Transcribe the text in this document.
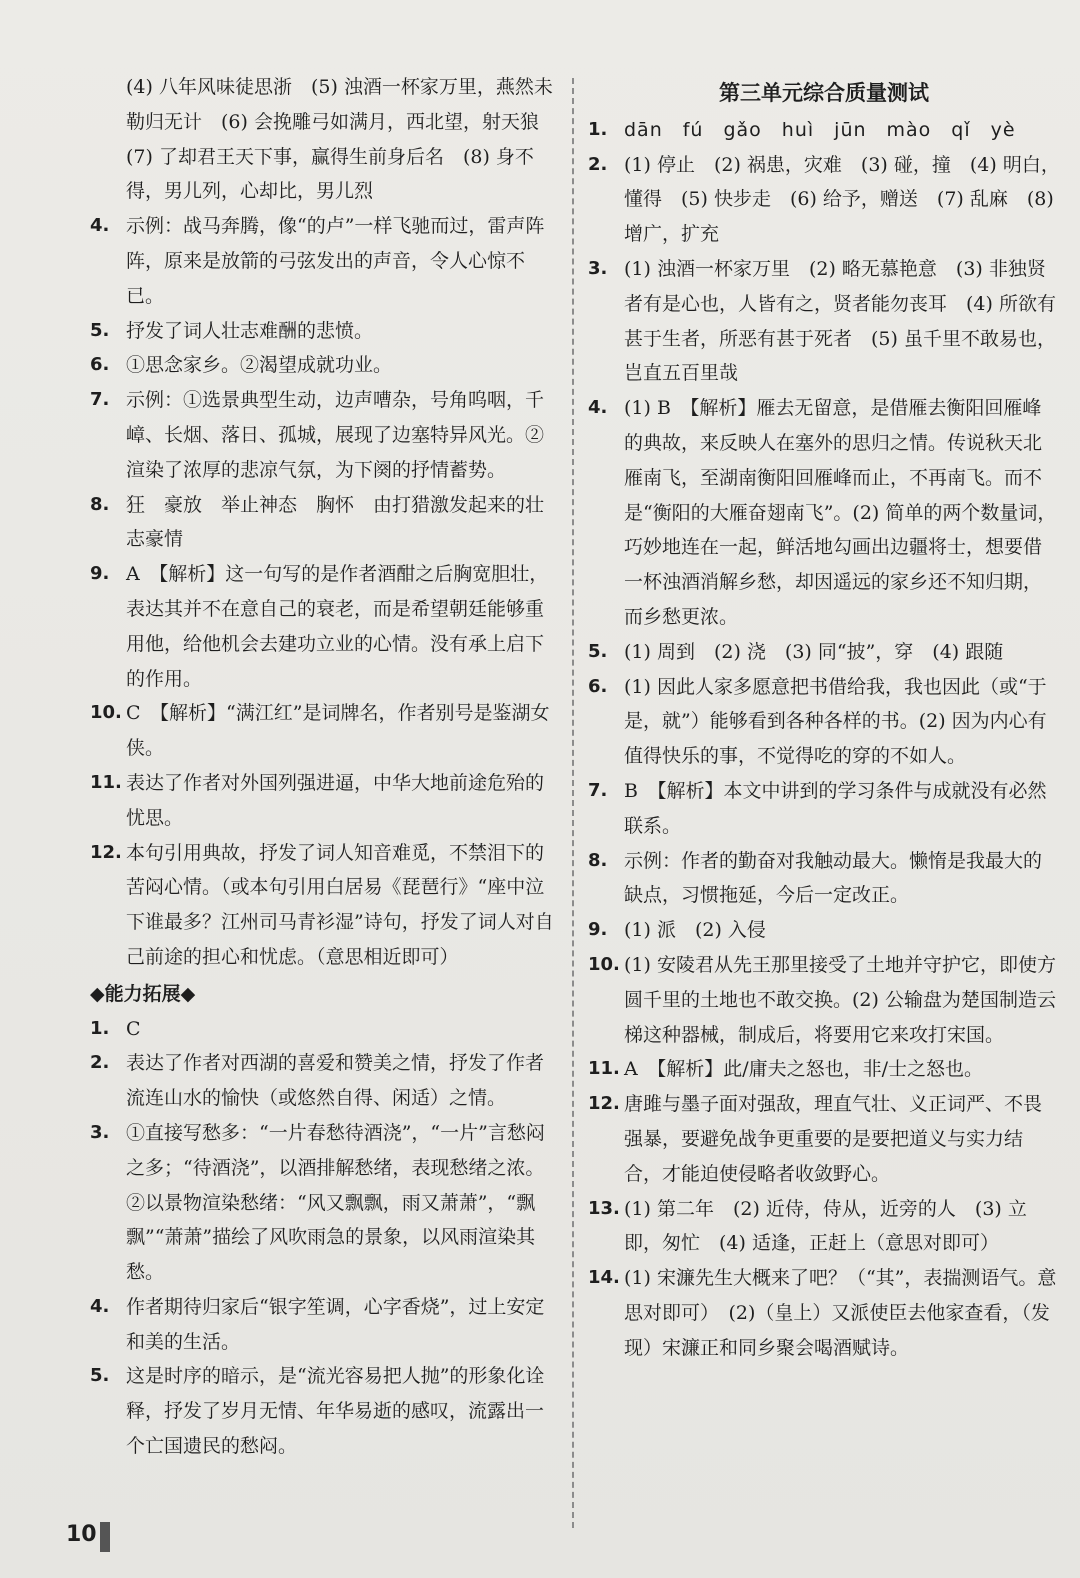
(4) 八年风味徒思浙　(5) 浊酒一杯家万里，燕然未勒归无计　(6) 会挽雕弓如满月，西北望，射天狼　(7) 了却君王天下事，赢得生前身后名　(8) 身不得，男儿列，心却比，男儿烈
4. 示例：战马奔腾，像“的卢”一样飞驰而过，雷声阵阵，原来是放箭的弓弦发出的声音，令人心惊不已。
5. 抒发了词人壮志难酬的悲愤。
6. ①思念家乡。②渴望成就功业。
7. 示例：①选景典型生动，边声嘈杂，号角呜咽，千嶂、长烟、落日、孤城，展现了边塞特异风光。②渲染了浓厚的悲凉气氛，为下阕的抒情蓄势。
8. 狂　豪放　举止神态　胸怀　由打猎激发起来的壮志豪情
9. A　【解析】这一句写的是作者酒酣之后胸宽胆壮，表达其并不在意自己的衰老，而是希望朝廷能够重用他，给他机会去建功立业的心情。没有承上启下的作用。
10. C　【解析】“满江红”是词牌名，作者别号是鉴湖女侠。
11. 表达了作者对外国列强进逼，中华大地前途危殆的忧思。
12. 本句引用典故，抒发了词人知音难觅，不禁泪下的苦闷心情。（或本句引用白居易《琵琶行》“座中泣下谁最多？江州司马青衫湿”诗句，抒发了词人对自己前途的担心和忧虑。（意思相近即可）
◆能力拓展◆
1. C
2. 表达了作者对西湖的喜爱和赞美之情，抒发了作者流连山水的愉快（或悠然自得、闲适）之情。
3. ①直接写愁多：“一片春愁待酒浇”，“一片”言愁闷之多；“待酒浇”，以酒排解愁绪，表现愁绪之浓。②以景物渲染愁绪：“风又飘飘，雨又萧萧”，“飘飘”“萧萧”描绘了风吹雨急的景象，以风雨渲染其愁。
4. 作者期待归家后“银字笙调，心字香烧”，过上安定和美的生活。
5. 这是时序的暗示，是“流光容易把人抛”的形象化诠释，抒发了岁月无情、年华易逝的感叹，流露出一个亡国遗民的愁闷。
第三单元综合质量测试
1. dān　fú　gǎo　huì　jūn　mào　qǐ　yè
2. (1) 停止　(2) 祸患，灾难　(3) 碰，撞　(4) 明白，懂得　(5) 快步走　(6) 给予，赠送　(7) 乱麻　(8) 增广，扩充
3. (1) 浊酒一杯家万里　(2) 略无慕艳意　(3) 非独贤者有是心也，人皆有之，贤者能勿丧耳　(4) 所欲有甚于生者，所恶有甚于死者　(5) 虽千里不敢易也，岂直五百里哉
4. (1) B　【解析】雁去无留意，是借雁去衡阳回雁峰的典故，来反映人在塞外的思归之情。传说秋天北雁南飞，至湖南衡阳回雁峰而止，不再南飞。而不是“衡阳的大雁奋翅南飞”。(2) 简单的两个数量词，巧妙地连在一起，鲜活地勾画出边疆将士，想要借一杯浊酒消解乡愁，却因遥远的家乡还不知归期，而乡愁更浓。
5. (1) 周到　(2) 浇　(3) 同“披”，穿　(4) 跟随
6. (1) 因此人家多愿意把书借给我，我也因此（或“于是，就”）能够看到各种各样的书。(2) 因为内心有值得快乐的事，不觉得吃的穿的不如人。
7. B　【解析】本文中讲到的学习条件与成就没有必然联系。
8. 示例：作者的勤奋对我触动最大。懒惰是我最大的缺点，习惯拖延，今后一定改正。
9. (1) 派　(2) 入侵
10. (1) 安陵君从先王那里接受了土地并守护它，即使方圆千里的土地也不敢交换。(2) 公输盘为楚国制造云梯这种器械，制成后，将要用它来攻打宋国。
11. A　【解析】此/庸夫之怒也，非/士之怒也。
12. 唐雎与墨子面对强敌，理直气壮、义正词严、不畏强暴，要避免战争更重要的是要把道义与实力结合，才能迫使侵略者收敛野心。
13. (1) 第二年　(2) 近侍，侍从，近旁的人　(3) 立即，匆忙　(4) 适逢，正赶上（意思对即可）
14. (1) 宋濂先生大概来了吧？（“其”，表揣测语气。意思对即可）　(2)（皇上）又派使臣去他家查看，（发现）宋濂正和同乡聚会喝酒赋诗。
10
